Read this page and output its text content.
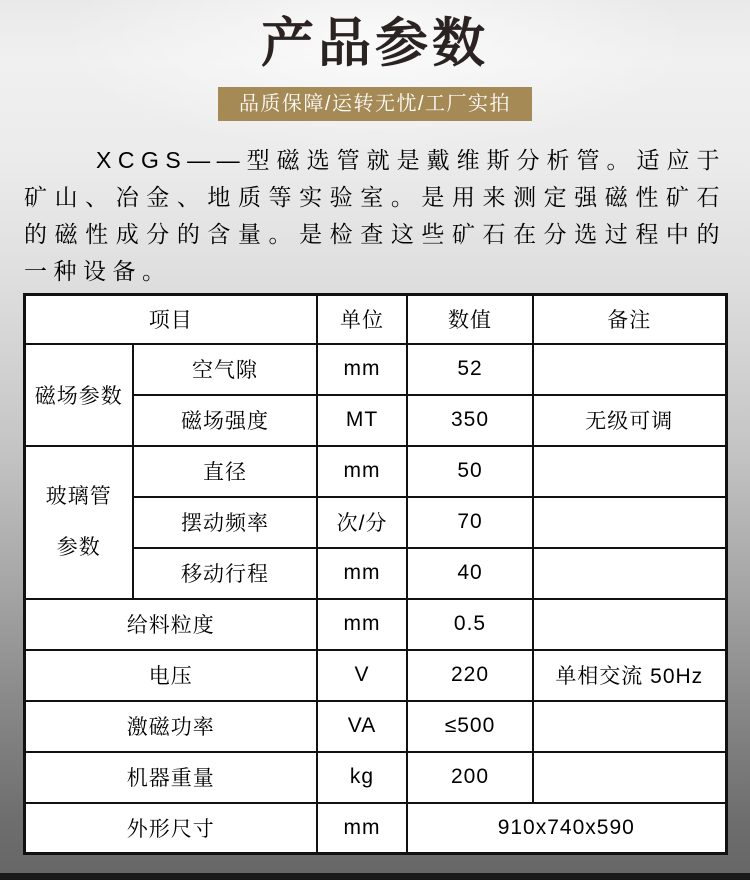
产品参数
品质保障/运转无忧/工厂实拍

XCGS——型磁选管就是戴维斯分析管。适应于矿山、冶金、地质等实验室。是用来测定强磁性矿石的磁性成分的含量。是检查这些矿石在分选过程中的一种设备。

项目		单位	数值	备注
磁场参数	空气隙	mm	52	
	磁场强度	MT	350	无级可调
玻璃管参数	直径	mm	50	
	摆动频率	次/分	70	
	移动行程	mm	40	
给料粒度		mm	0.5	
电压		V	220	单相交流 50Hz
激磁功率		VA	≤500	
机器重量		kg	200	
外形尺寸		mm	910x740x590	
